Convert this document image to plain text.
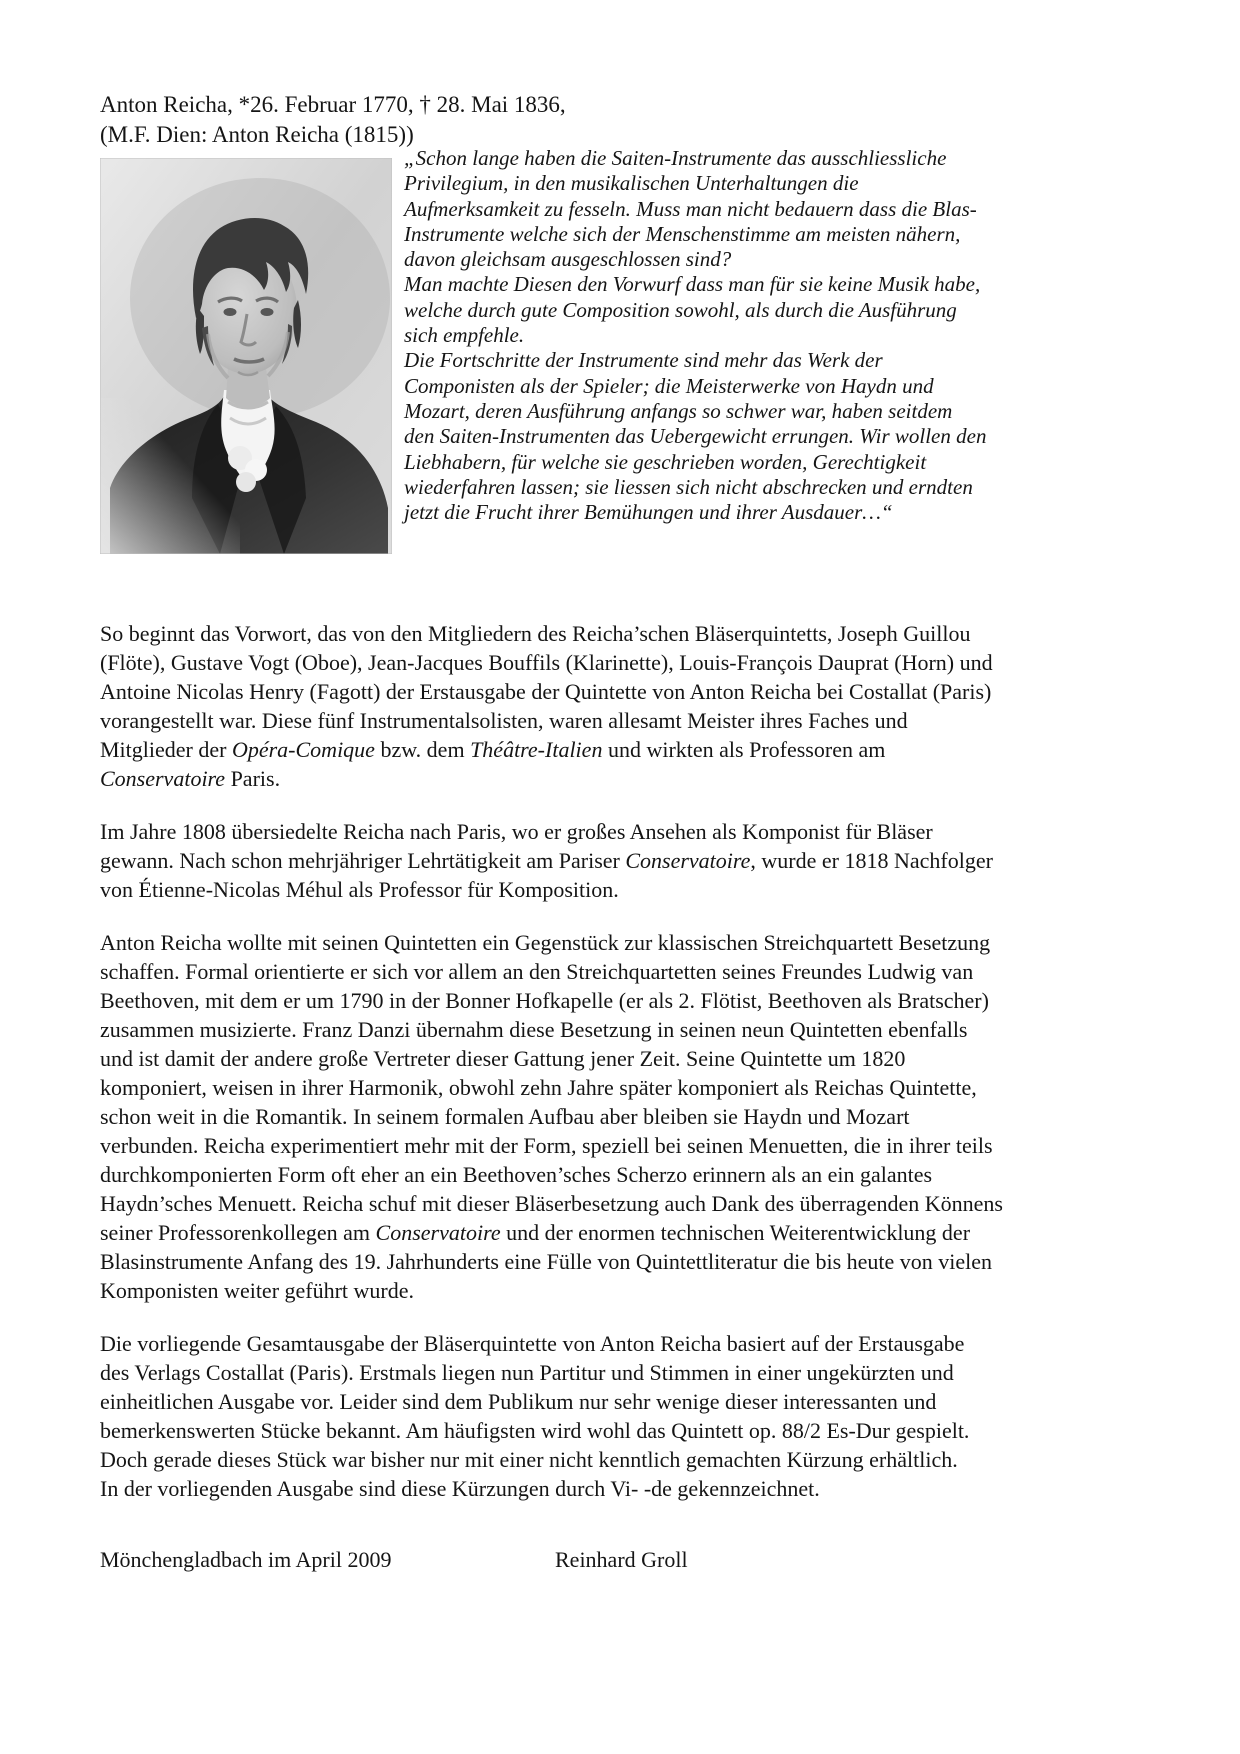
Anton Reicha, *26. Februar 1770, † 28. Mai 1836,
(M.F. Dien: Anton Reicha (1815))
„Schon lange haben die Saiten-Instrumente das ausschliessliche
Privilegium, in den musikalischen Unterhaltungen die
Aufmerksamkeit zu fesseln. Muss man nicht bedauern dass die Blas-
Instrumente welche sich der Menschenstimme am meisten nähern,
davon gleichsam ausgeschlossen sind?
Man machte Diesen den Vorwurf dass man für sie keine Musik habe,
welche durch gute Composition sowohl, als durch die Ausführung
sich empfehle.
Die Fortschritte der Instrumente sind mehr das Werk der
Componisten als der Spieler; die Meisterwerke von Haydn und
Mozart, deren Ausführung anfangs so schwer war, haben seitdem
den Saiten-Instrumenten das Uebergewicht errungen. Wir wollen den
Liebhabern, für welche sie geschrieben worden, Gerechtigkeit
wiederfahren lassen; sie liessen sich nicht abschrecken und erndten
jetzt die Frucht ihrer Bemühungen und ihrer Ausdauer…“
So beginnt das Vorwort, das von den Mitgliedern des Reicha’schen Bläserquintetts, Joseph Guillou
(Flöte), Gustave Vogt (Oboe), Jean-Jacques Bouffils (Klarinette), Louis-François Dauprat (Horn) und
Antoine Nicolas Henry (Fagott) der Erstausgabe der Quintette von Anton Reicha bei Costallat (Paris)
vorangestellt war. Diese fünf Instrumentalsolisten, waren allesamt Meister ihres Faches und
Mitglieder der Opéra-Comique bzw. dem Théâtre-Italien und wirkten als Professoren am
Conservatoire Paris.
Im Jahre 1808 übersiedelte Reicha nach Paris, wo er großes Ansehen als Komponist für Bläser
gewann. Nach schon mehrjähriger Lehrtätigkeit am Pariser Conservatoire, wurde er 1818 Nachfolger
von Étienne-Nicolas Méhul als Professor für Komposition.
Anton Reicha wollte mit seinen Quintetten ein Gegenstück zur klassischen Streichquartett Besetzung
schaffen. Formal orientierte er sich vor allem an den Streichquartetten seines Freundes Ludwig van
Beethoven, mit dem er um 1790 in der Bonner Hofkapelle (er als 2. Flötist, Beethoven als Bratscher)
zusammen musizierte. Franz Danzi übernahm diese Besetzung in seinen neun Quintetten ebenfalls
und ist damit der andere große Vertreter dieser Gattung jener Zeit. Seine Quintette um 1820
komponiert, weisen in ihrer Harmonik, obwohl zehn Jahre später komponiert als Reichas Quintette,
schon weit in die Romantik. In seinem formalen Aufbau aber bleiben sie Haydn und Mozart
verbunden. Reicha experimentiert mehr mit der Form, speziell bei seinen Menuetten, die in ihrer teils
durchkomponierten Form oft eher an ein Beethoven’sches Scherzo erinnern als an ein galantes
Haydn’sches Menuett. Reicha schuf mit dieser Bläserbesetzung auch Dank des überragenden Könnens
seiner Professorenkollegen am Conservatoire und der enormen technischen Weiterentwicklung der
Blasinstrumente Anfang des 19. Jahrhunderts eine Fülle von Quintettliteratur die bis heute von vielen
Komponisten weiter geführt wurde.
Die vorliegende Gesamtausgabe der Bläserquintette von Anton Reicha basiert auf der Erstausgabe
des Verlags Costallat (Paris). Erstmals liegen nun Partitur und Stimmen in einer ungekürzten und
einheitlichen Ausgabe vor. Leider sind dem Publikum nur sehr wenige dieser interessanten und
bemerkenswerten Stücke bekannt. Am häufigsten wird wohl das Quintett op. 88/2 Es-Dur gespielt.
Doch gerade dieses Stück war bisher nur mit einer nicht kenntlich gemachten Kürzung erhältlich.
In der vorliegenden Ausgabe sind diese Kürzungen durch Vi- -de gekennzeichnet.
Mönchengladbach im April 2009	Reinhard Groll
